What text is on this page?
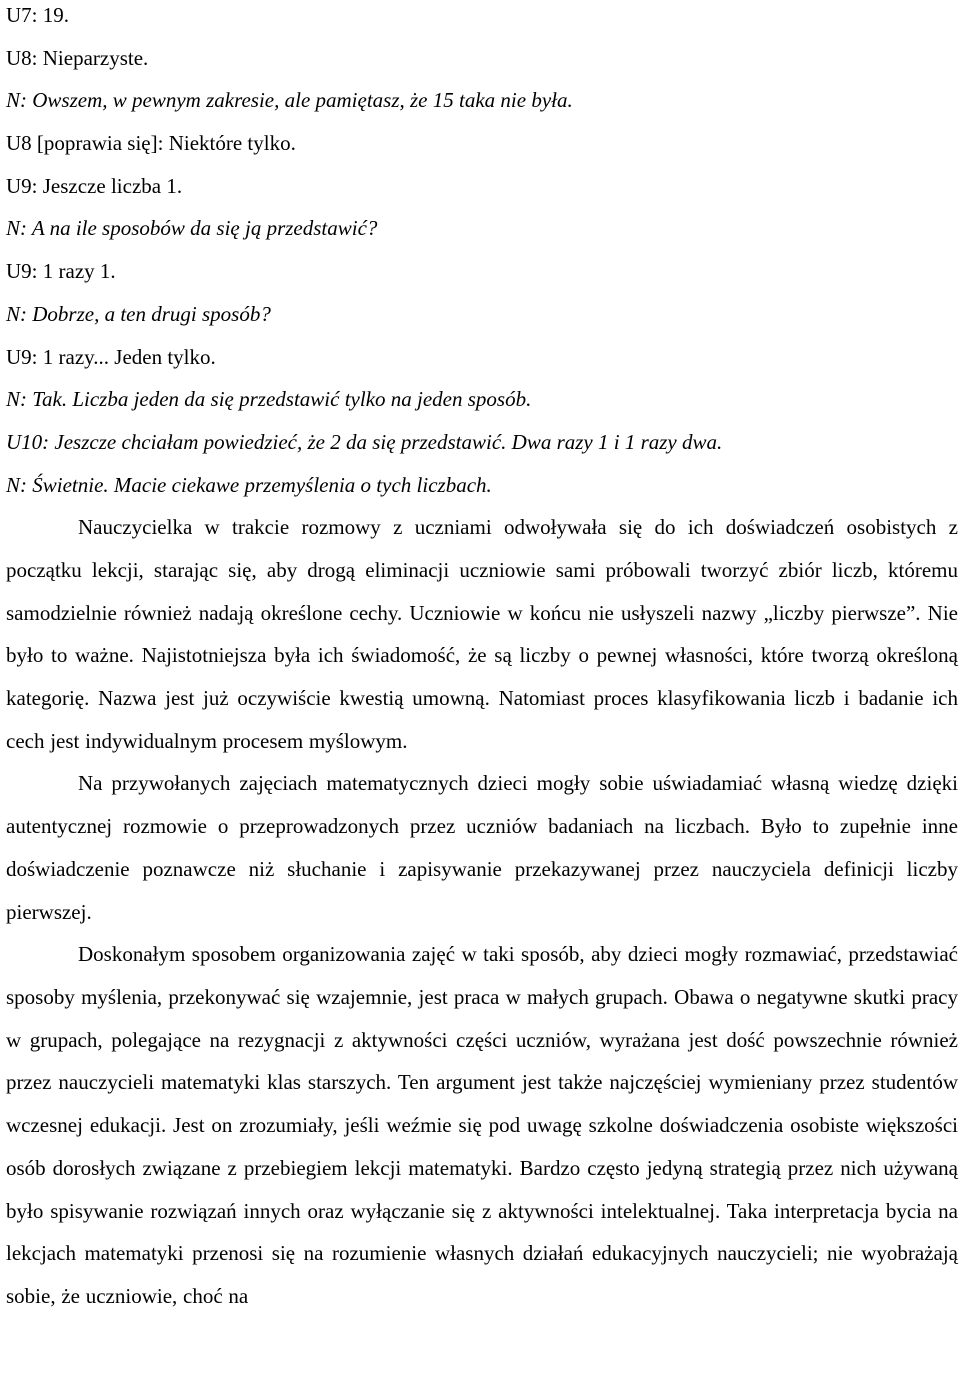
U7: 19.
U8: Nieparzyste.
N: Owszem, w pewnym zakresie, ale pamiętasz, że 15 taka nie była.
U8 [poprawia się]: Niektóre tylko.
U9: Jeszcze liczba 1.
N: A na ile sposobów da się ją przedstawić?
U9: 1 razy 1.
N: Dobrze, a ten drugi sposób?
U9: 1 razy... Jeden tylko.
N: Tak. Liczba jeden da się przedstawić tylko na jeden sposób.
U10: Jeszcze chciałam powiedzieć, że 2 da się przedstawić. Dwa razy 1 i 1 razy dwa.
N: Świetnie. Macie ciekawe przemyślenia o tych liczbach.

Nauczycielka w trakcie rozmowy z uczniami odwoływała się do ich doświadczeń osobistych z początku lekcji, starając się, aby drogą eliminacji uczniowie sami próbowali tworzyć zbiór liczb, któremu samodzielnie również nadają określone cechy. Uczniowie w końcu nie usłyszeli nazwy „liczby pierwsze”. Nie było to ważne. Najistotniejsza była ich świadomość, że są liczby o pewnej własności, które tworzą określoną kategorię. Nazwa jest już oczywiście kwestią umowną. Natomiast proces klasyfikowania liczb i badanie ich cech jest indywidualnym procesem myślowym.

Na przywołanych zajęciach matematycznych dzieci mogły sobie uświadamiać własną wiedzę dzięki autentycznej rozmowie o przeprowadzonych przez uczniów badaniach na liczbach. Było to zupełnie inne doświadczenie poznawcze niż słuchanie i zapisywanie przekazywanej przez nauczyciela definicji liczby pierwszej.

Doskonałym sposobem organizowania zajęć w taki sposób, aby dzieci mogły rozmawiać, przedstawiać sposoby myślenia, przekonywać się wzajemnie, jest praca w małych grupach. Obawa o negatywne skutki pracy w grupach, polegające na rezygnacji z aktywności części uczniów, wyrażana jest dość powszechnie również przez nauczycieli matematyki klas starszych. Ten argument jest także najczęściej wymieniany przez studentów wczesnej edukacji. Jest on zrozumiały, jeśli weźmie się pod uwagę szkolne doświadczenia osobiste większości osób dorosłych związane z przebiegiem lekcji matematyki. Bardzo często jedyną strategią przez nich używaną było spisywanie rozwiązań innych oraz wyłączanie się z aktywności intelektualnej. Taka interpretacja bycia na lekcjach matematyki przenosi się na rozumienie własnych działań edukacyjnych nauczycieli; nie wyobrażają sobie, że uczniowie, choć na
